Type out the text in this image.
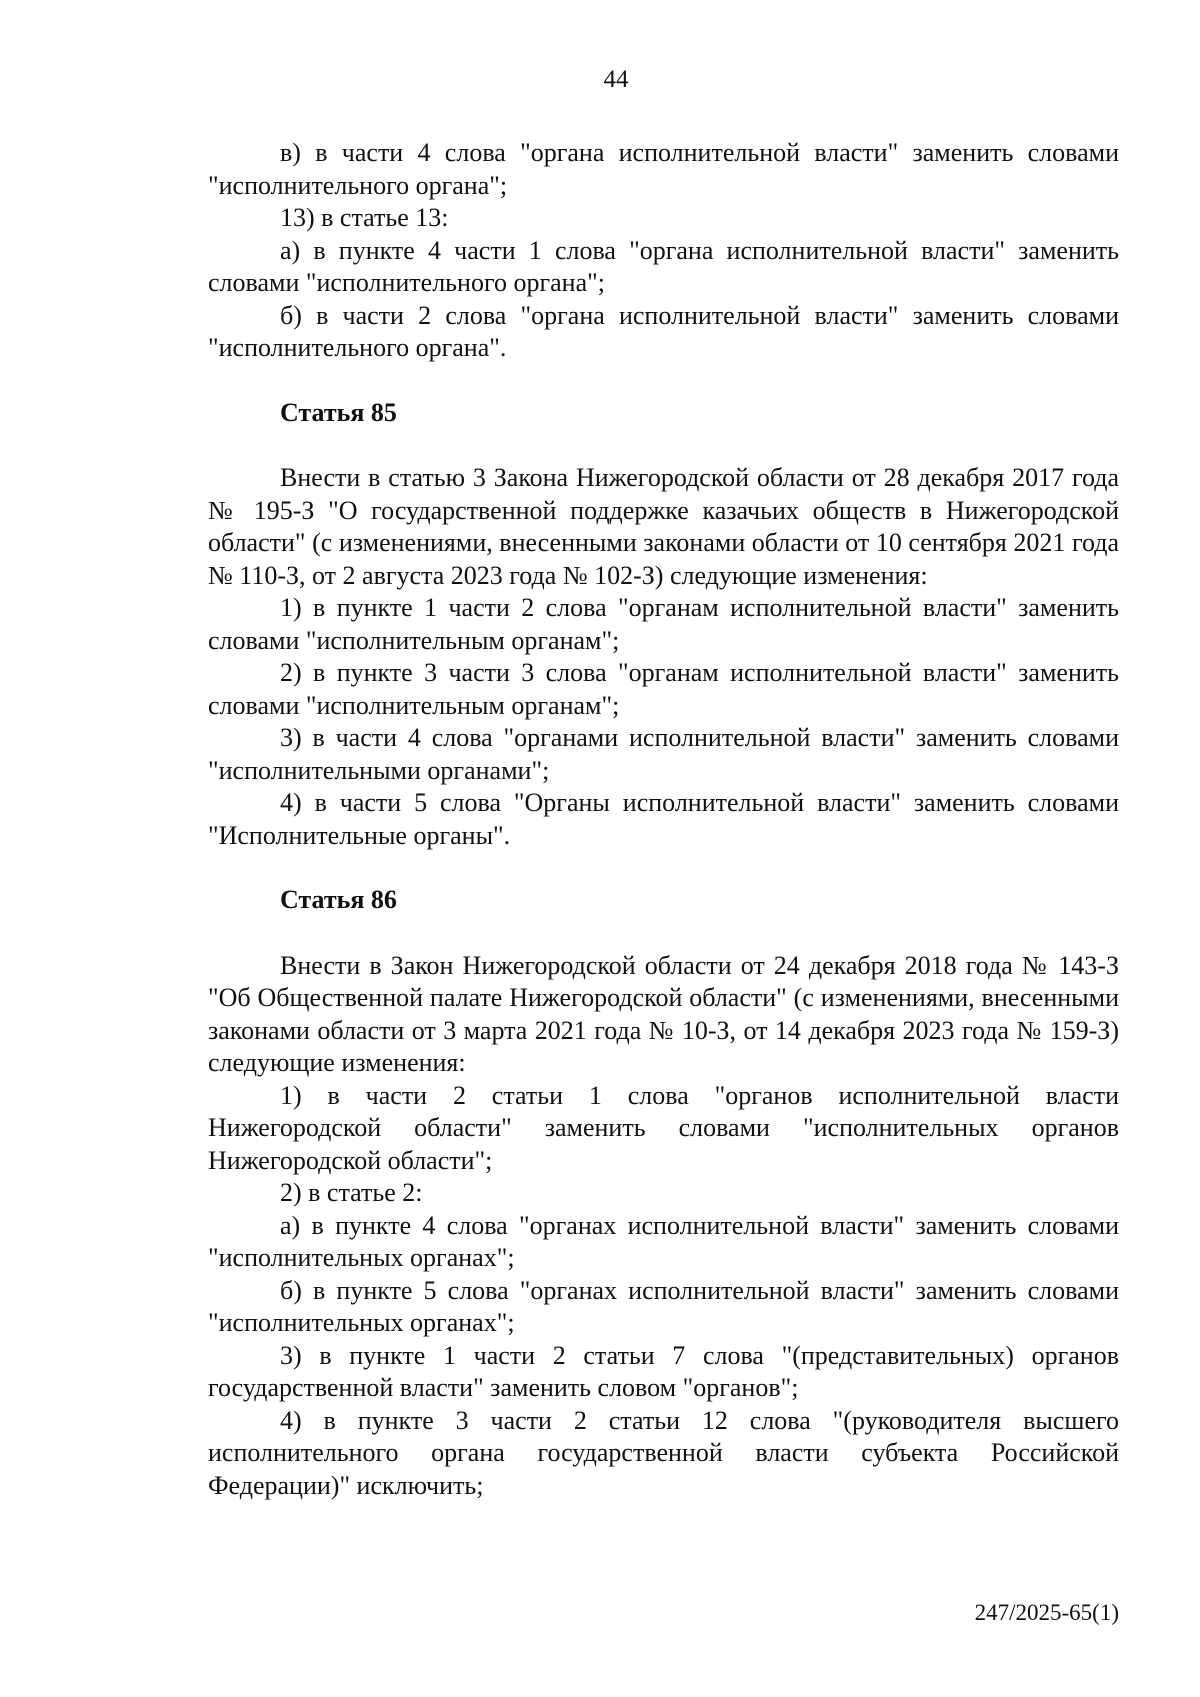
44

в) в части 4 слова "органа исполнительной власти" заменить словами "исполнительного органа";

13) в статье 13:

а) в пункте 4 части 1 слова "органа исполнительной власти" заменить словами "исполнительного органа";

б) в части 2 слова "органа исполнительной власти" заменить словами "исполнительного органа".

Статья 85

Внести в статью 3 Закона Нижегородской области от 28 декабря 2017 года № 195-З "О государственной поддержке казачьих обществ в Нижегородской области" (с изменениями, внесенными законами области от 10 сентября 2021 года № 110-З, от 2 августа 2023 года № 102-З) следующие изменения:

1) в пункте 1 части 2 слова "органам исполнительной власти" заменить словами "исполнительным органам";

2) в пункте 3 части 3 слова "органам исполнительной власти" заменить словами "исполнительным органам";

3) в части 4 слова "органами исполнительной власти" заменить словами "исполнительными органами";

4) в части 5 слова "Органы исполнительной власти" заменить словами "Исполнительные органы".

Статья 86

Внести в Закон Нижегородской области от 24 декабря 2018 года № 143-З "Об Общественной палате Нижегородской области" (с изменениями, внесенными законами области от 3 марта 2021 года № 10-З, от 14 декабря 2023 года № 159-З) следующие изменения:

1) в части 2 статьи 1 слова "органов исполнительной власти Нижегородской области" заменить словами "исполнительных органов Нижегородской области";

2) в статье 2:

а) в пункте 4 слова "органах исполнительной власти" заменить словами "исполнительных органах";

б) в пункте 5 слова "органах исполнительной власти" заменить словами "исполнительных органах";

3) в пункте 1 части 2 статьи 7 слова "(представительных) органов государственной власти" заменить словом "органов";

4) в пункте 3 части 2 статьи 12 слова "(руководителя высшего исполнительного органа государственной власти субъекта Российской Федерации)" исключить;

247/2025-65(1)
